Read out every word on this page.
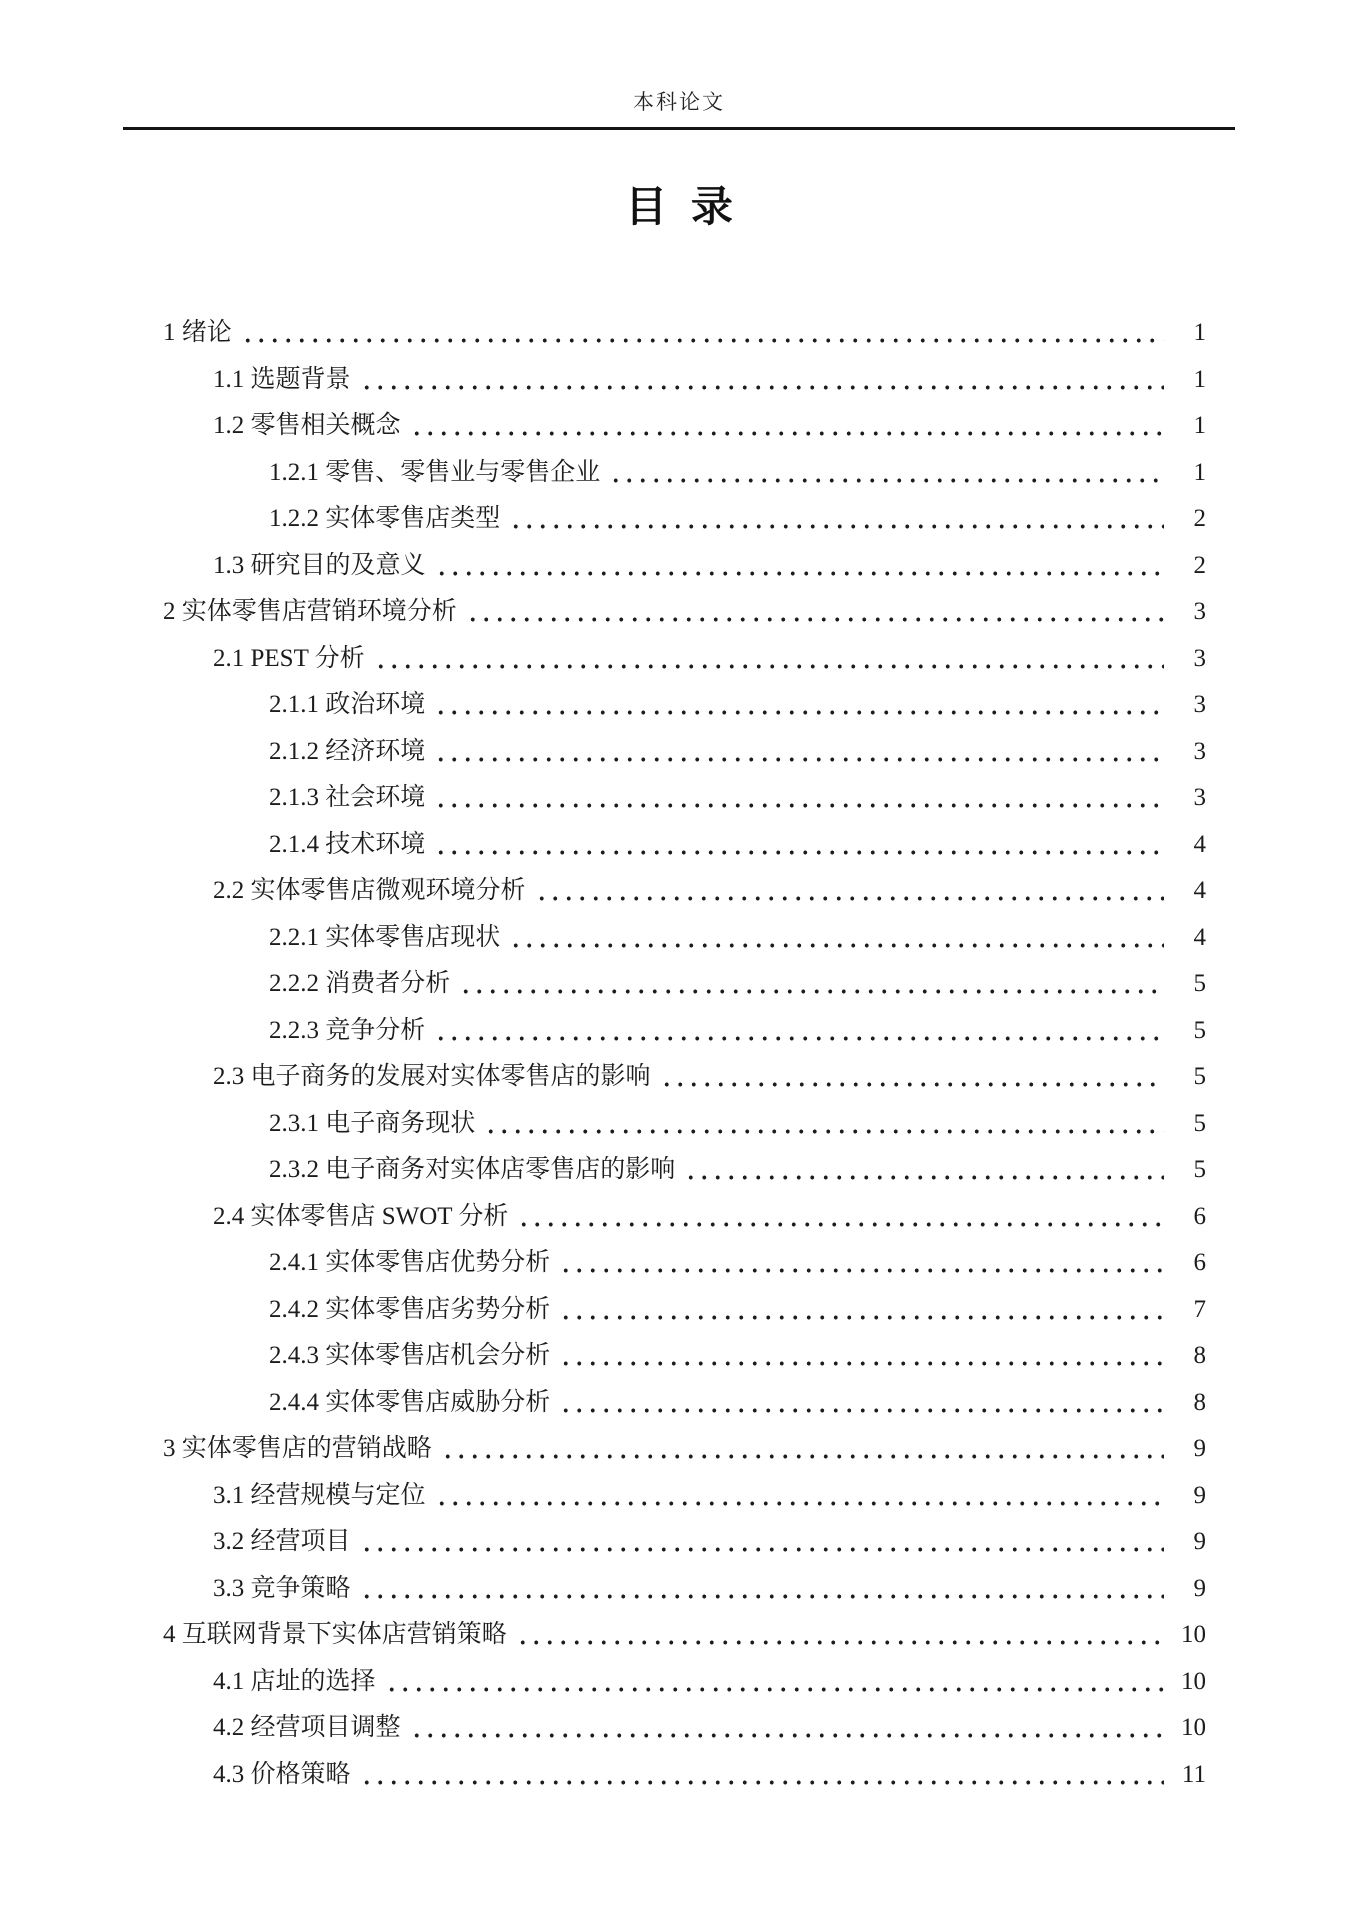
本科论文
目 录
1 绪论	1
1.1 选题背景	1
1.2 零售相关概念	1
1.2.1 零售、零售业与零售企业	1
1.2.2 实体零售店类型	2
1.3 研究目的及意义	2
2 实体零售店营销环境分析	3
2.1 PEST 分析	3
2.1.1 政治环境	3
2.1.2 经济环境	3
2.1.3 社会环境	3
2.1.4 技术环境	4
2.2 实体零售店微观环境分析	4
2.2.1 实体零售店现状	4
2.2.2 消费者分析	5
2.2.3 竞争分析	5
2.3 电子商务的发展对实体零售店的影响	5
2.3.1 电子商务现状	5
2.3.2 电子商务对实体店零售店的影响	5
2.4 实体零售店 SWOT 分析	6
2.4.1 实体零售店优势分析	6
2.4.2 实体零售店劣势分析	7
2.4.3 实体零售店机会分析	8
2.4.4 实体零售店威胁分析	8
3 实体零售店的营销战略	9
3.1 经营规模与定位	9
3.2 经营项目	9
3.3 竞争策略	9
4 互联网背景下实体店营销策略	10
4.1 店址的选择	10
4.2 经营项目调整	10
4.3 价格策略	11
